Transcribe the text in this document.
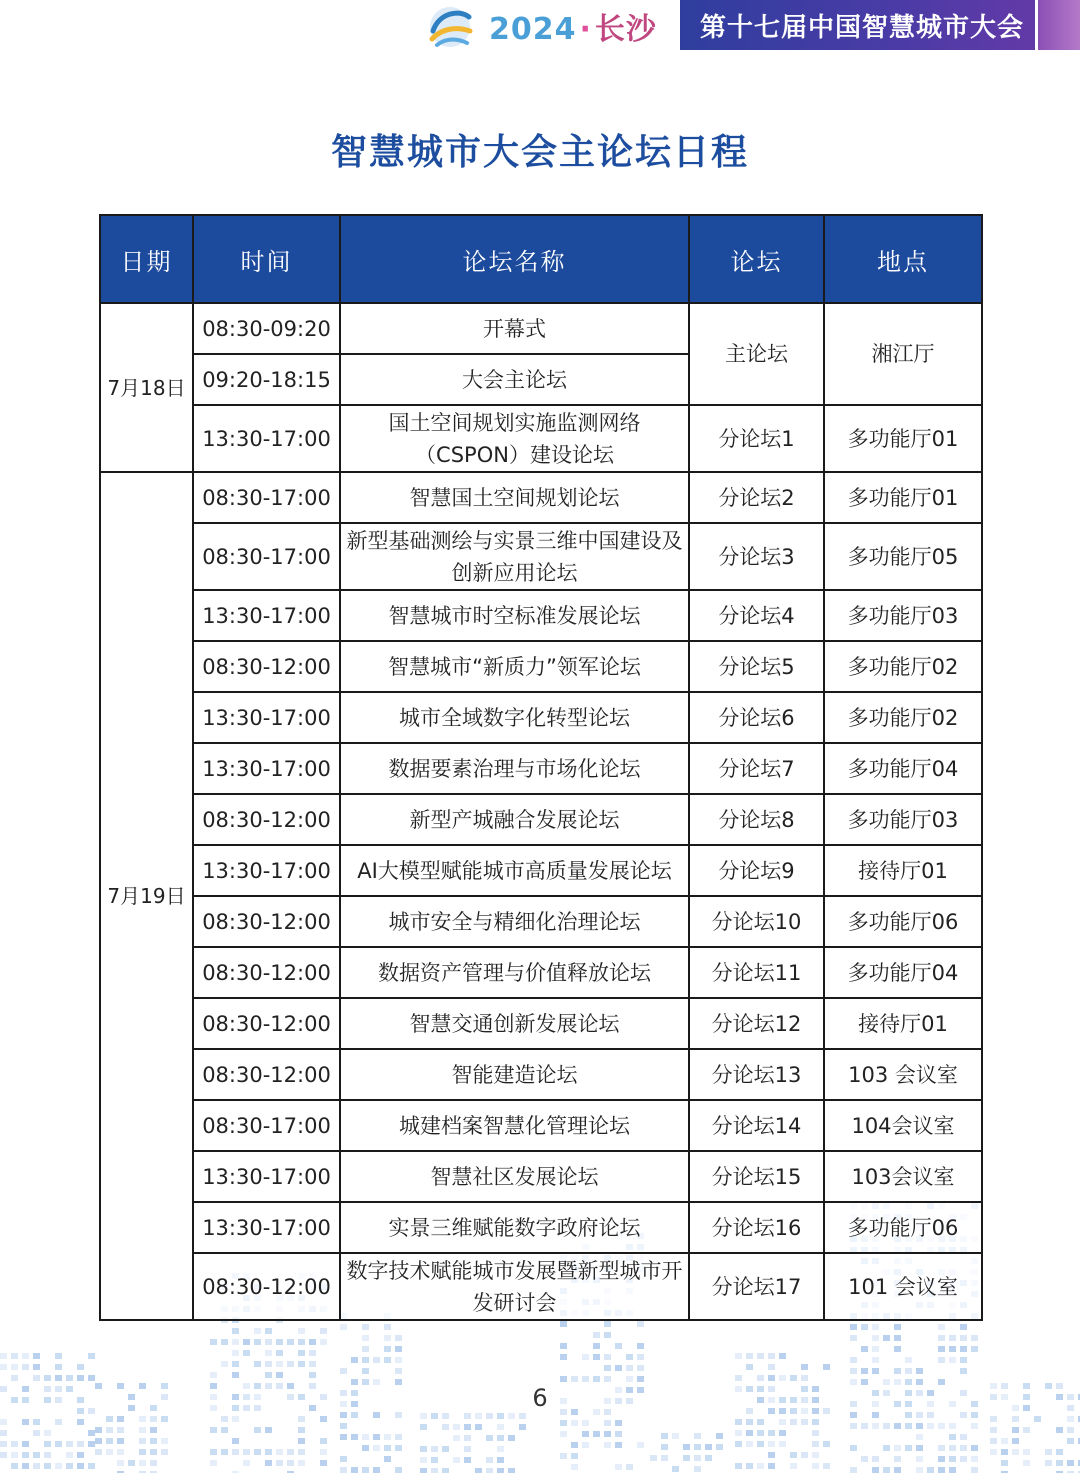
2024 · 长沙 第十七届中国智慧城市大会
智慧城市大会主论坛日程
日期	时间	论坛名称	论坛	地点
7月18日	08:30-09:20	开幕式	主论坛	湘江厅
	09:20-18:15	大会主论坛		
	13:30-17:00	国土空间规划实施监测网络（CSPON）建设论坛	分论坛1	多功能厅01
7月19日	08:30-17:00	智慧国土空间规划论坛	分论坛2	多功能厅01
	08:30-17:00	新型基础测绘与实景三维中国建设及创新应用论坛	分论坛3	多功能厅05
	13:30-17:00	智慧城市时空标准发展论坛	分论坛4	多功能厅03
	08:30-12:00	智慧城市“新质力”领军论坛	分论坛5	多功能厅02
	13:30-17:00	城市全域数字化转型论坛	分论坛6	多功能厅02
	13:30-17:00	数据要素治理与市场化论坛	分论坛7	多功能厅04
	08:30-12:00	新型产城融合发展论坛	分论坛8	多功能厅03
	13:30-17:00	AI大模型赋能城市高质量发展论坛	分论坛9	接待厅01
	08:30-12:00	城市安全与精细化治理论坛	分论坛10	多功能厅06
	08:30-12:00	数据资产管理与价值释放论坛	分论坛11	多功能厅04
	08:30-12:00	智慧交通创新发展论坛	分论坛12	接待厅01
	08:30-12:00	智能建造论坛	分论坛13	103 会议室
	08:30-17:00	城建档案智慧化管理论坛	分论坛14	104会议室
	13:30-17:00	智慧社区发展论坛	分论坛15	103会议室
	13:30-17:00	实景三维赋能数字政府论坛	分论坛16	多功能厅06
	08:30-12:00	数字技术赋能城市发展暨新型城市开发研讨会	分论坛17	101 会议室
6
